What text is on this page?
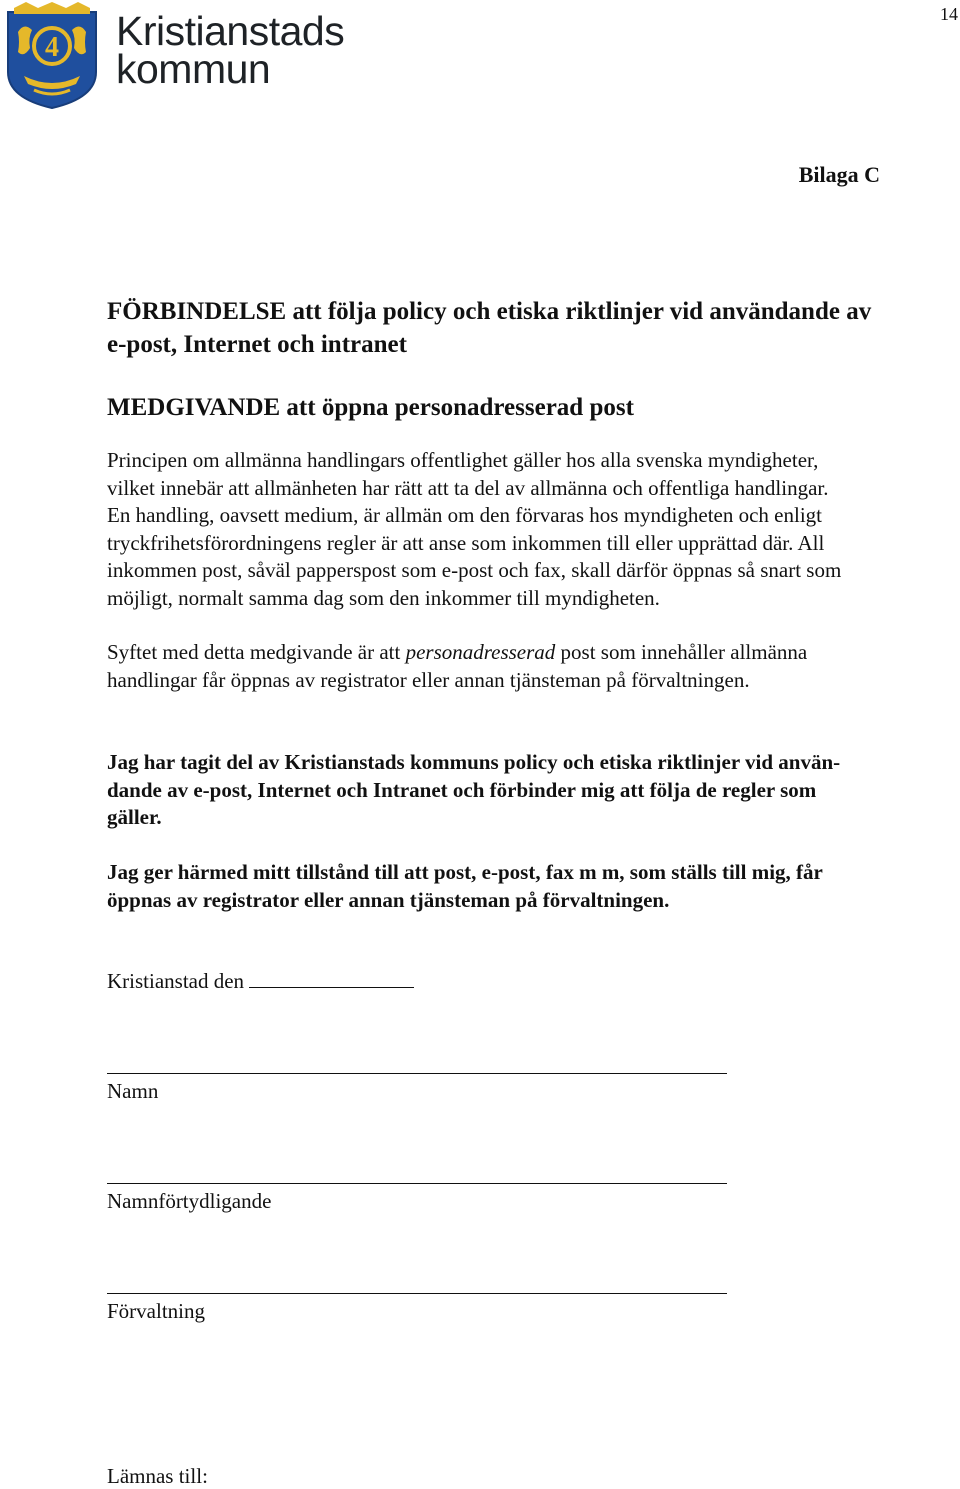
14
4 Kristianstads
kommun
Bilaga C
FÖRBINDELSE att följa policy och etiska riktlinjer vid användande av
e-post, Internet och intranet
MEDGIVANDE att öppna personadresserad post
Principen om allmänna handlingars offentlighet gäller hos alla svenska myndigheter,
vilket innebär att allmänheten har rätt att ta del av allmänna och offentliga handlingar.
En handling, oavsett medium, är allmän om den förvaras hos myndigheten och enligt
tryckfrihetsförordningens regler är att anse som inkommen till eller upprättad där. All
inkommen post, såväl papperspost som e-post och fax, skall därför öppnas så snart som
möjligt, normalt samma dag som den inkommer till myndigheten.
Syftet med detta medgivande är att personadresserad post som innehåller allmänna
handlingar får öppnas av registrator eller annan tjänsteman på förvaltningen.
Jag har tagit del av Kristianstads kommuns policy och etiska riktlinjer vid använ-
dande av e-post, Internet och Intranet och förbinder mig att följa de regler som
gäller.
Jag ger härmed mitt tillstånd till att post, e-post, fax m m, som ställs till mig, får
öppnas av registrator eller annan tjänsteman på förvaltningen.
Kristianstad den
Namn
Namnförtydligande
Förvaltning
Lämnas till:
